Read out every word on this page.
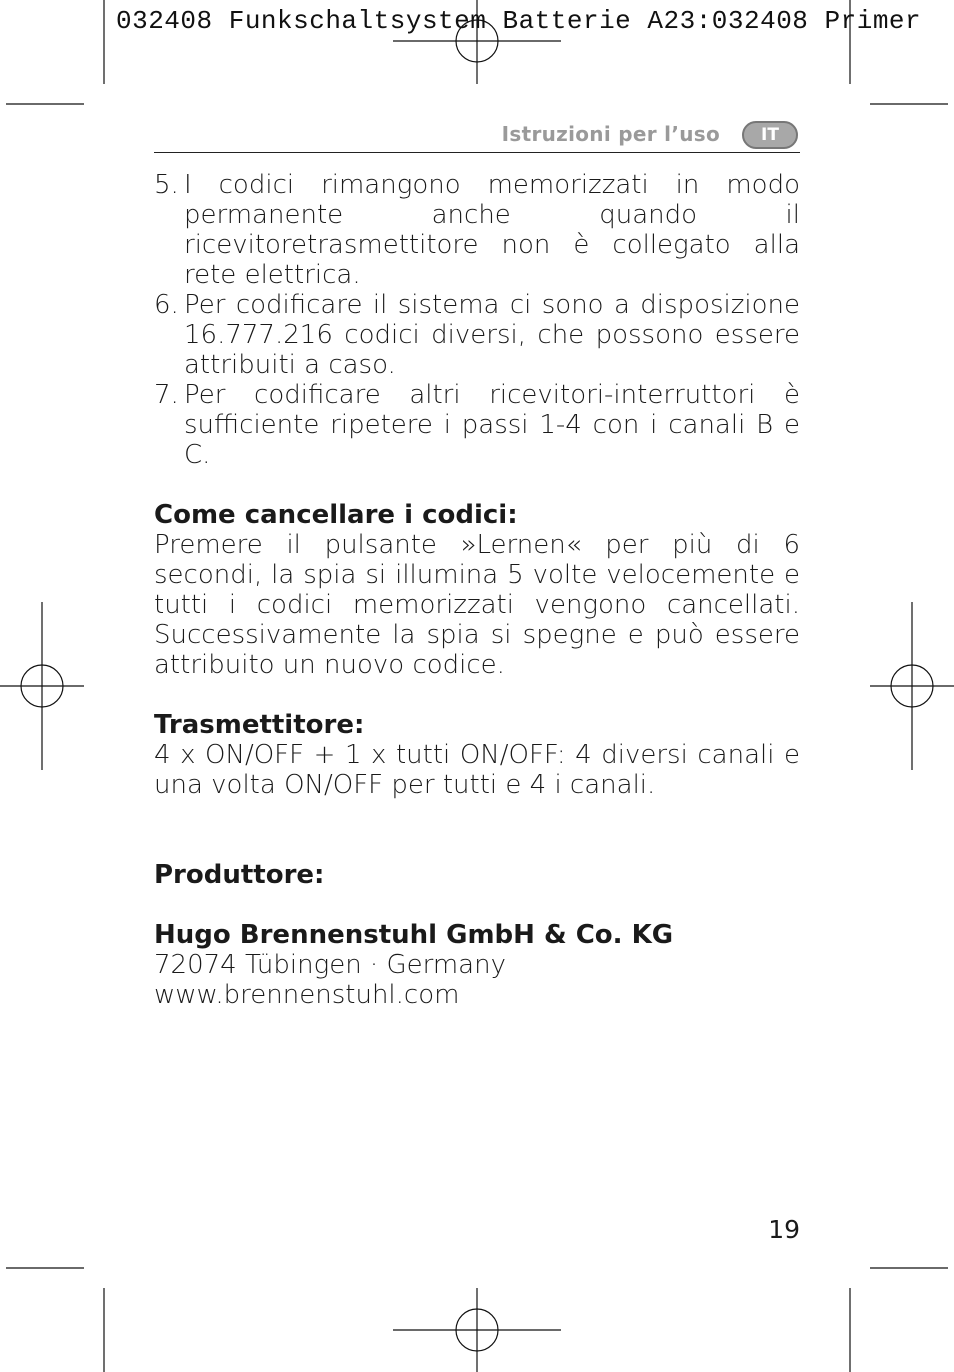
032408 Funkschaltsystem Batterie A23:032408 Primer
Istruzioni per l’uso	IT
5. I codici rimangono memorizzati in modo permanente anche quando il ricevitoretrasmettitore non è collegato alla rete elettrica.
6. Per codificare il sistema ci sono a disposizione 16.777.216 codici diversi, che possono essere attribuiti a caso.
7. Per codificare altri ricevitori-interruttori è sufficiente ripetere i passi 1-4 con i canali B e C.

Come cancellare i codici:

Premere il pulsante »Lernen« per più di 6 secondi, la spia si illumina 5 volte velocemente e tutti i codici memorizzati vengono cancellati. Successivamente la spia si spegne e può essere attribuito un nuovo codice.

Trasmettitore:

4 x ON/OFF + 1 x tutti ON/OFF: 4 diversi canali e una volta ON/OFF per tutti e 4 i canali.

Produttore:

Hugo Brennenstuhl GmbH & Co. KG

72074 Tübingen · Germany

www.brennenstuhl.com

19
